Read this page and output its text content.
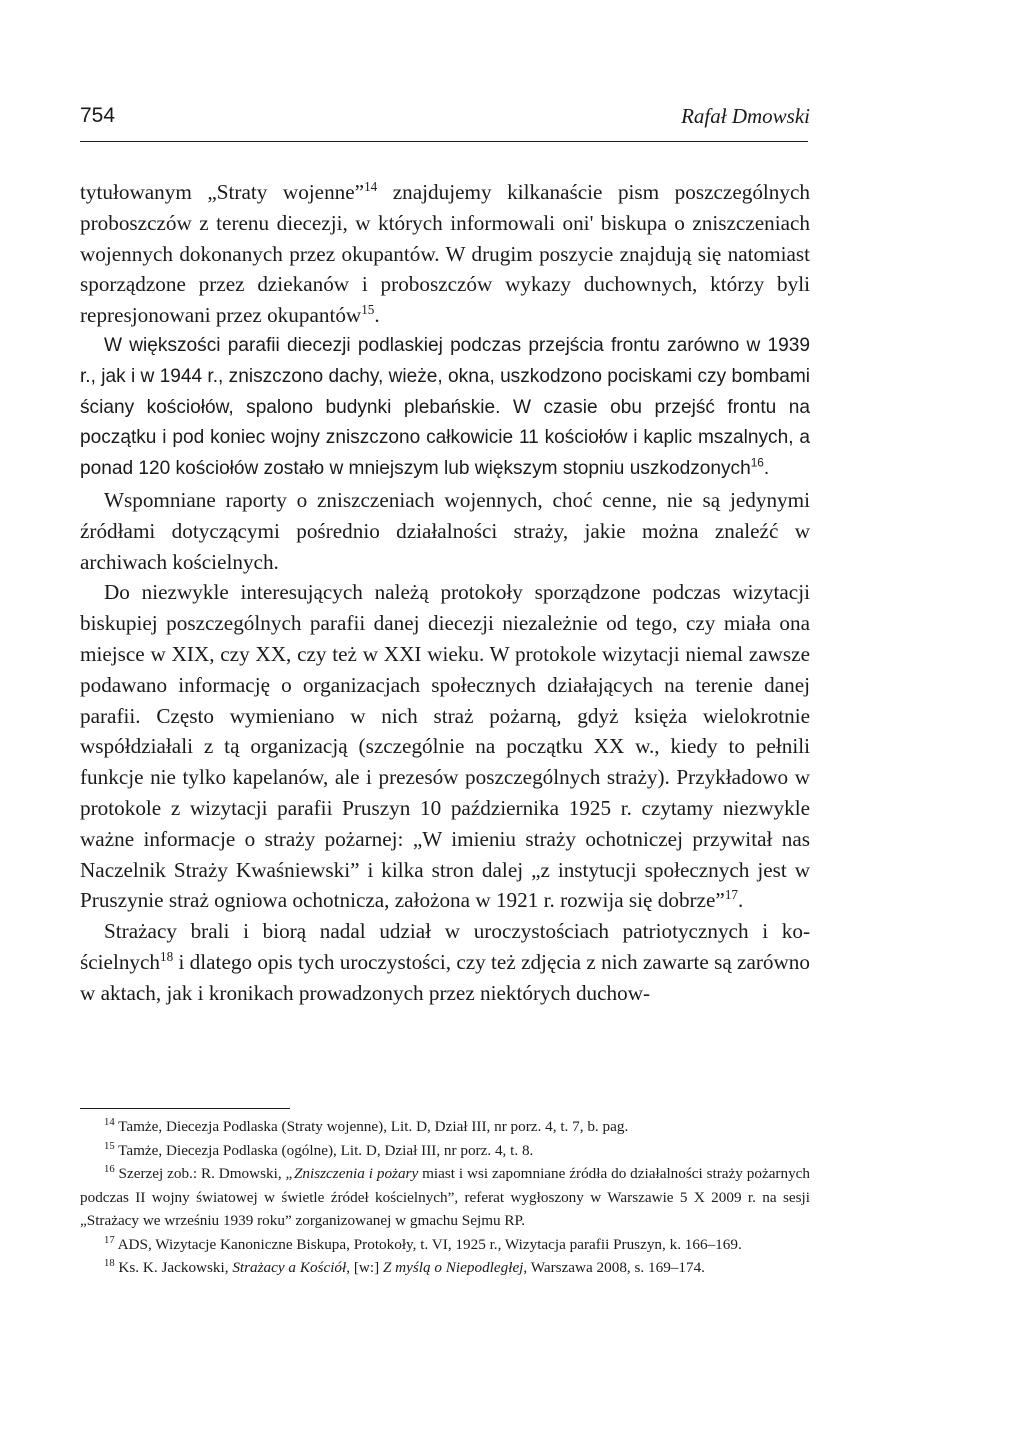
754	Rafał Dmowski

tytułowanym „Straty wojenne”$^{14}$ znajdujemy kilkanaście pism poszczególnych proboszczów z terenu diecezji, w których informowali oni' biskupa o zniszczeniach wojennych dokonanych przez okupantów. W drugim poszycie znajdują się natomiast sporządzone przez dziekanów i proboszczów wykazy duchownych, którzy byli represjonowani przez okupantów$^{15}$.

W większości parafii diecezji podlaskiej podczas przejścia frontu zarówno w 1939 r., jak i w 1944 r., zniszczono dachy, wieże, okna, uszkodzono pociskami czy bombami ściany kościołów, spalono budynki plebańskie. W czasie obu przejść frontu na początku i pod koniec wojny zniszczono całkowicie 11 kościołów i kaplic mszalnych, a ponad 120 kościołów zostało w mniejszym lub większym stopniu uszkodzonych$^{16}$.

Wspomniane raporty o zniszczeniach wojennych, choć cenne, nie są jedynymi źródłami dotyczącymi pośrednio działalności straży, jakie można znaleźć w archiwach kościelnych.

Do niezwykle interesujących należą protokoły sporządzone podczas wizytacji biskupiej poszczególnych parafii danej diecezji niezależnie od tego, czy miała ona miejsce w XIX, czy XX, czy też w XXI wieku. W protokole wizytacji niemal zawsze podawano informację o organizacjach społecznych działających na terenie danej parafii. Często wymieniano w nich straż pożarną, gdyż księża wielokrotnie współdziałali z tą organizacją (szczególnie na początku XX w., kiedy to pełnili funkcje nie tylko kapelanów, ale i prezesów poszczególnych straży). Przykładowo w protokole z wizytacji parafii Pruszyn 10 października 1925 r. czytamy niezwykle ważne informacje o straży pożarnej: „W imieniu straży ochotniczej przywitał nas Naczelnik Straży Kwaśniewski” i kilka stron dalej „z instytucji społecznych jest w Pruszynie straż ogniowa ochotnicza, założona w 1921 r. rozwija się dobrze”$^{17}$.

Strażacy brali i biorą nadal udział w uroczystościach patriotycznych i kościelnych$^{18}$ i dlatego opis tych uroczystości, czy też zdjęcia z nich zawarte są zarówno w aktach, jak i kronikach prowadzonych przez niektórych duchow-

$^{14}$ Tamże, Diecezja Podlaska (Straty wojenne), Lit. D, Dział III, nr porz. 4, t. 7, b. pag.

$^{15}$ Tamże, Diecezja Podlaska (ogólne), Lit. D, Dział III, nr porz. 4, t. 8.

$^{16}$ Szerzej zob.: R. Dmowski, „Zniszczenia i pożary miast i wsi zapomniane źródła do działalności straży pożarnych podczas II wojny światowej w świetle źródeł kościelnych”, referat wygłoszony w Warszawie 5 X 2009 r. na sesji „Strażacy we wrześniu 1939 roku” zorganizowanej w gmachu Sejmu RP.

$^{17}$ ADS, Wizytacje Kanoniczne Biskupa, Protokoły, t. VI, 1925 r., Wizytacja parafii Pruszyn, k. 166–169.

$^{18}$ Ks. K. Jackowski, Strażacy a Kościół, [w:] Z myślą o Niepodległej, Warszawa 2008, s. 169–174.
